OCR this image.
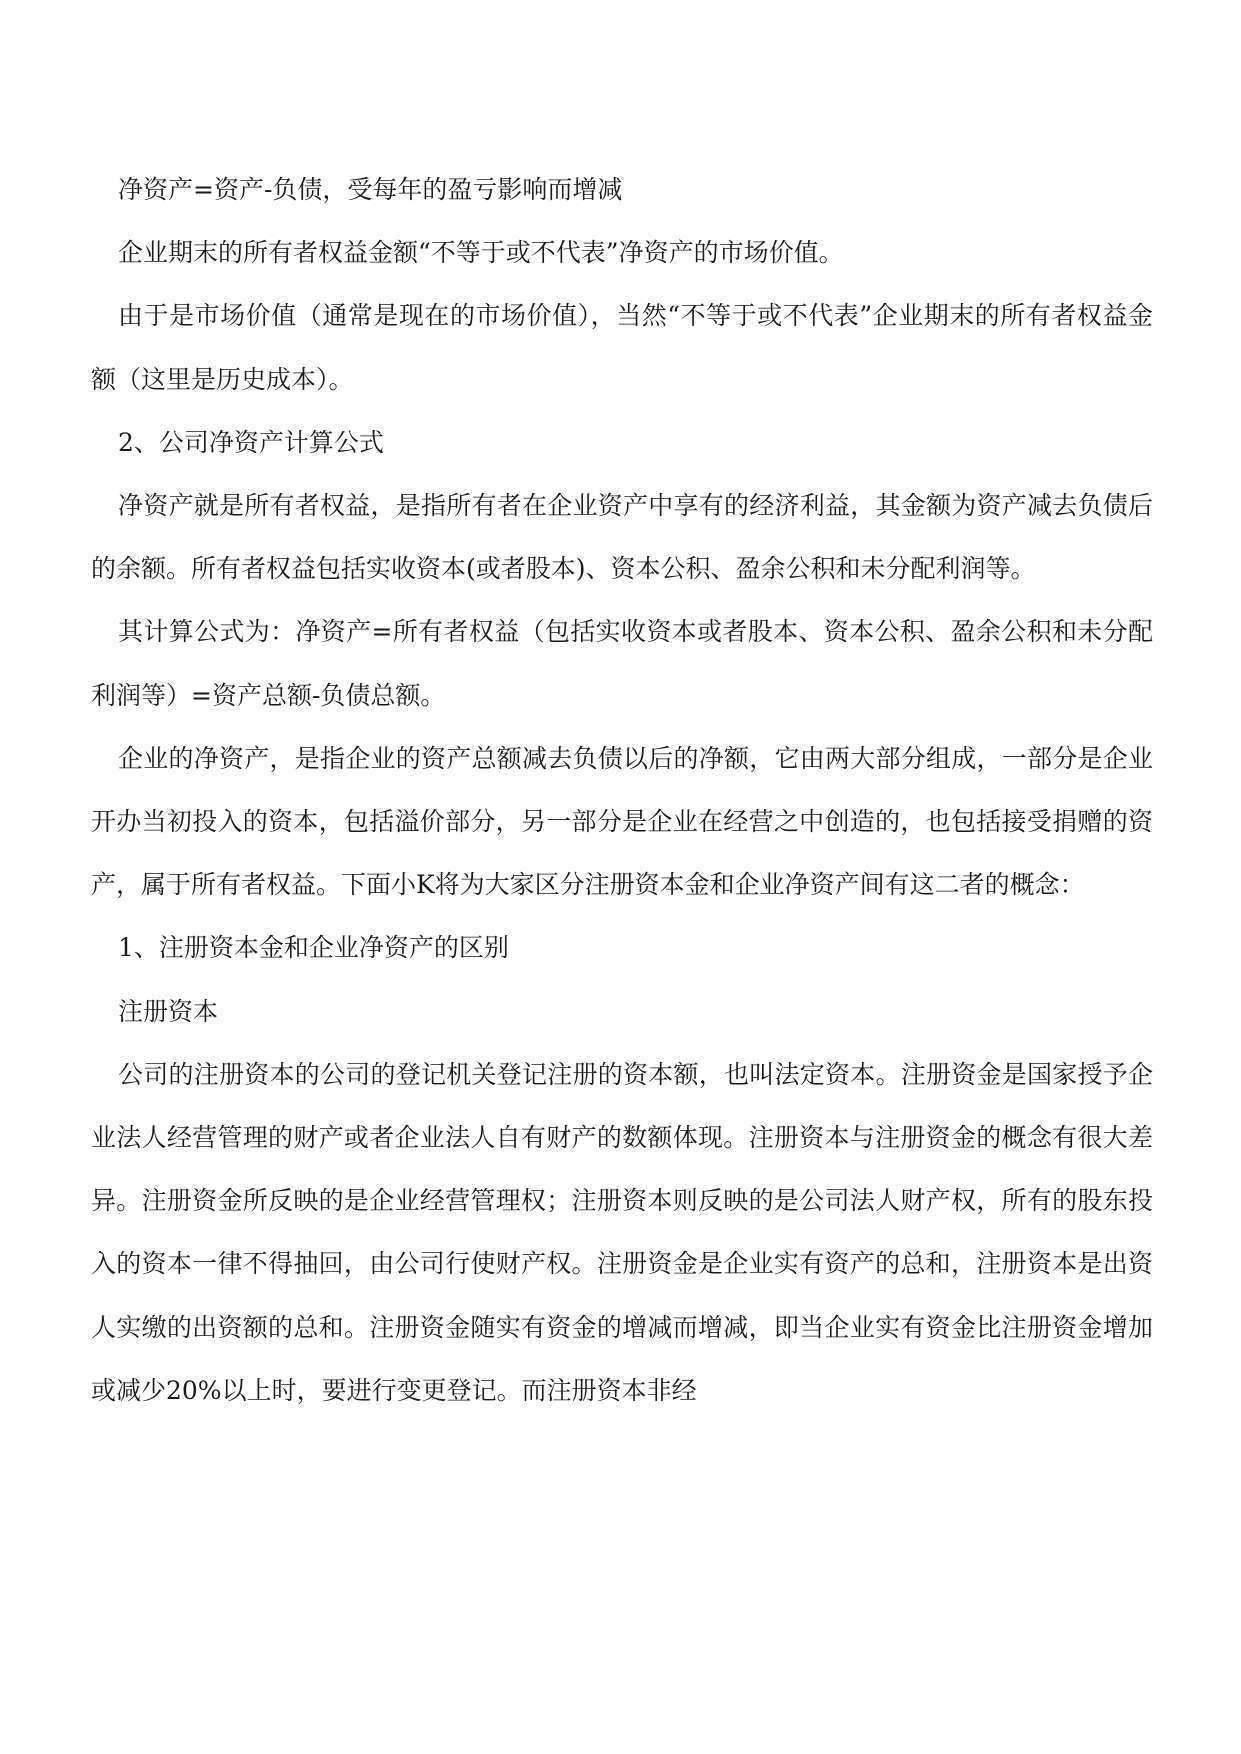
净资产=资产-负债，受每年的盈亏影响而增减

企业期末的所有者权益金额“不等于或不代表”净资产的市场价值。

由于是市场价值（通常是现在的市场价值），当然“不等于或不代表”企业期末的所有者权益金额（这里是历史成本）。

2、公司净资产计算公式

净资产就是所有者权益，是指所有者在企业资产中享有的经济利益，其金额为资产减去负债后的余额。所有者权益包括实收资本(或者股本)、资本公积、盈余公积和未分配利润等。

其计算公式为：净资产=所有者权益（包括实收资本或者股本、资本公积、盈余公积和未分配利润等）=资产总额-负债总额。

企业的净资产，是指企业的资产总额减去负债以后的净额，它由两大部分组成，一部分是企业开办当初投入的资本，包括溢价部分，另一部分是企业在经营之中创造的，也包括接受捐赠的资产，属于所有者权益。下面小K将为大家区分注册资本金和企业净资产间有这二者的概念：

1、注册资本金和企业净资产的区别

注册资本

公司的注册资本的公司的登记机关登记注册的资本额，也叫法定资本。注册资金是国家授予企业法人经营管理的财产或者企业法人自有财产的数额体现。注册资本与注册资金的概念有很大差异。注册资金所反映的是企业经营管理权；注册资本则反映的是公司法人财产权，所有的股东投入的资本一律不得抽回，由公司行使财产权。注册资金是企业实有资产的总和，注册资本是出资人实缴的出资额的总和。注册资金随实有资金的增减而增减，即当企业实有资金比注册资金增加或减少20%以上时，要进行变更登记。而注册资本非经
